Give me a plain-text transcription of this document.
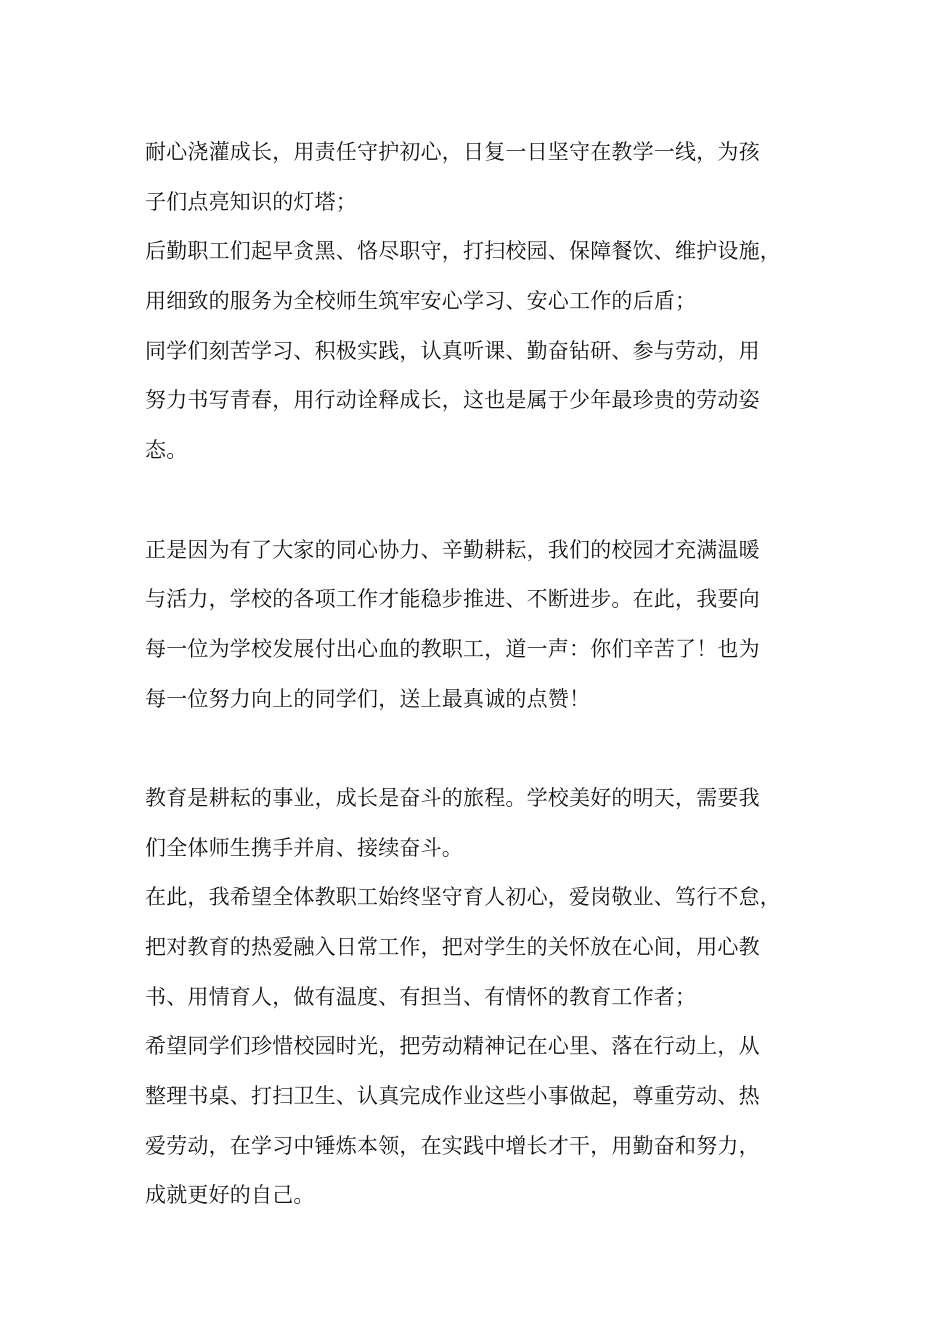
耐心浇灌成长，用责任守护初心，日复一日坚守在教学一线，为孩
子们点亮知识的灯塔；
后勤职工们起早贪黑、恪尽职守，打扫校园、保障餐饮、维护设施，
用细致的服务为全校师生筑牢安心学习、安心工作的后盾；
同学们刻苦学习、积极实践，认真听课、勤奋钻研、参与劳动，用
努力书写青春，用行动诠释成长，这也是属于少年最珍贵的劳动姿
态。
正是因为有了大家的同心协力、辛勤耕耘，我们的校园才充满温暖
与活力，学校的各项工作才能稳步推进、不断进步。在此，我要向
每一位为学校发展付出心血的教职工，道一声：你们辛苦了！也为
每一位努力向上的同学们，送上最真诚的点赞！
教育是耕耘的事业，成长是奋斗的旅程。学校美好的明天，需要我
们全体师生携手并肩、接续奋斗。
在此，我希望全体教职工始终坚守育人初心，爱岗敬业、笃行不怠，
把对教育的热爱融入日常工作，把对学生的关怀放在心间，用心教
书、用情育人，做有温度、有担当、有情怀的教育工作者；
希望同学们珍惜校园时光，把劳动精神记在心里、落在行动上，从
整理书桌、打扫卫生、认真完成作业这些小事做起，尊重劳动、热
爱劳动，在学习中锤炼本领，在实践中增长才干，用勤奋和努力，
成就更好的自己。
